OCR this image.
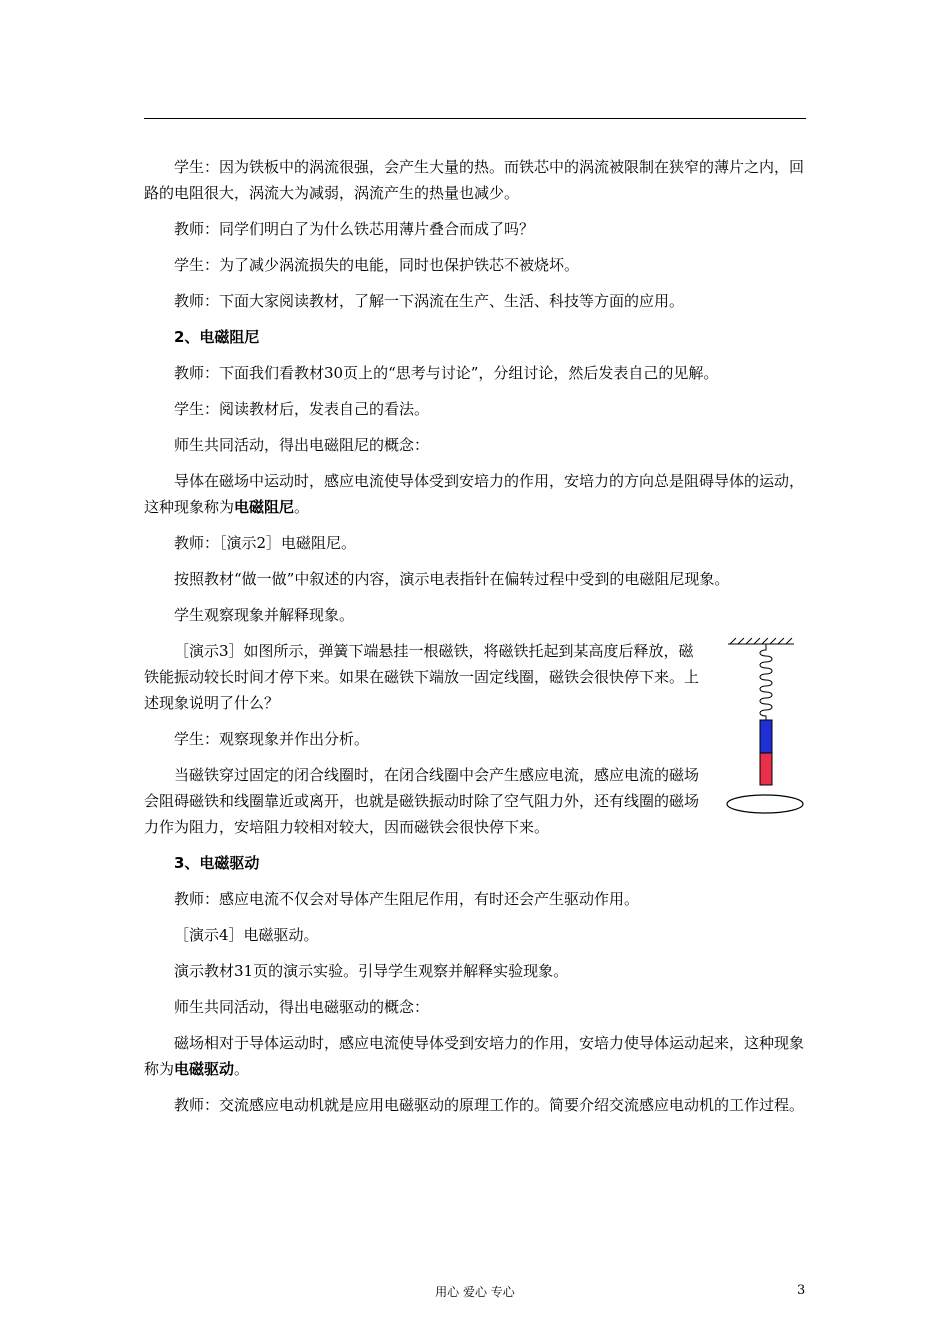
学生：因为铁板中的涡流很强，会产生大量的热。而铁芯中的涡流被限制在狭窄的薄片之内，回路的电阻很大，涡流大为减弱，涡流产生的热量也减少。

教师：同学们明白了为什么铁芯用薄片叠合而成了吗？

学生：为了减少涡流损失的电能，同时也保护铁芯不被烧坏。

教师：下面大家阅读教材，了解一下涡流在生产、生活、科技等方面的应用。

2、电磁阻尼

教师：下面我们看教材30页上的“思考与讨论”，分组讨论，然后发表自己的见解。

学生：阅读教材后，发表自己的看法。

师生共同活动，得出电磁阻尼的概念：

导体在磁场中运动时，感应电流使导体受到安培力的作用，安培力的方向总是阻碍导体的运动，这种现象称为电磁阻尼。

教师：［演示2］电磁阻尼。

按照教材“做一做”中叙述的内容，演示电表指针在偏转过程中受到的电磁阻尼现象。

学生观察现象并解释现象。

［演示3］如图所示，弹簧下端悬挂一根磁铁，将磁铁托起到某高度后释放，磁铁能振动较长时间才停下来。如果在磁铁下端放一固定线圈，磁铁会很快停下来。上述现象说明了什么？

学生：观察现象并作出分析。

当磁铁穿过固定的闭合线圈时，在闭合线圈中会产生感应电流，感应电流的磁场会阻碍磁铁和线圈靠近或离开，也就是磁铁振动时除了空气阻力外，还有线圈的磁场力作为阻力，安培阻力较相对较大，因而磁铁会很快停下来。

3、电磁驱动

教师：感应电流不仅会对导体产生阻尼作用，有时还会产生驱动作用。

［演示4］电磁驱动。

演示教材31页的演示实验。引导学生观察并解释实验现象。

师生共同活动，得出电磁驱动的概念：

磁场相对于导体运动时，感应电流使导体受到安培力的作用，安培力使导体运动起来，这种现象称为电磁驱动。

教师：交流感应电动机就是应用电磁驱动的原理工作的。简要介绍交流感应电动机的工作过程。

用心 爱心 专心	3
